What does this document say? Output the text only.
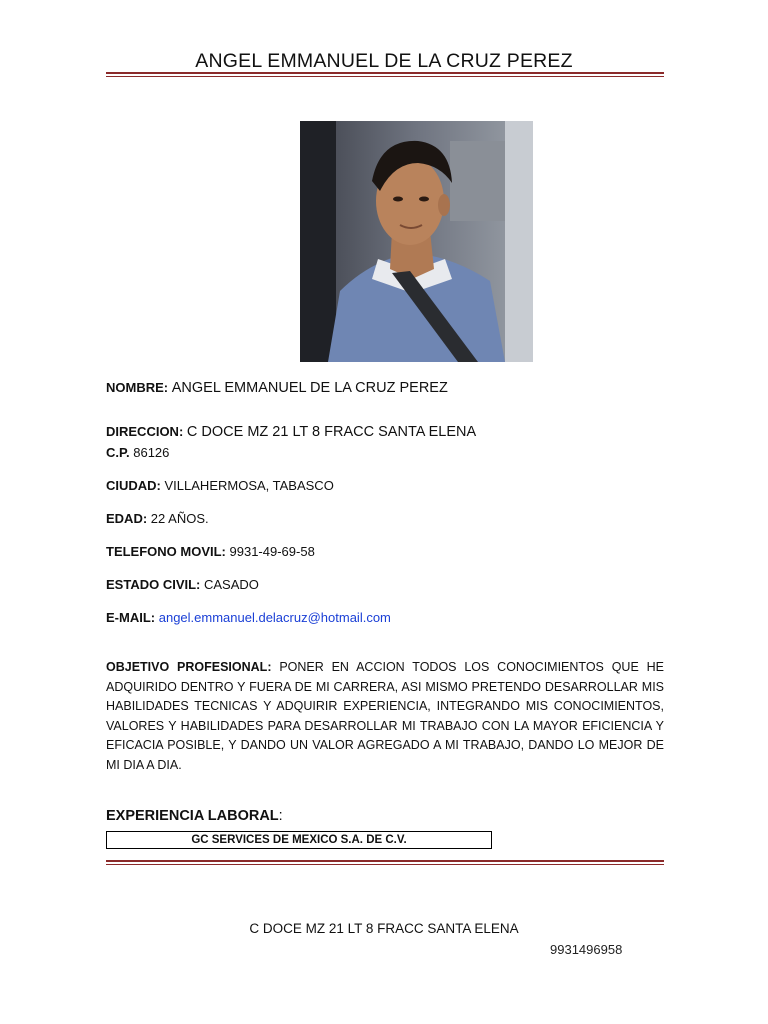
ANGEL EMMANUEL DE LA CRUZ PEREZ
NOMBRE: ANGEL EMMANUEL DE LA CRUZ PEREZ
DIRECCION: C DOCE MZ 21 LT 8 FRACC SANTA ELENA
C.P. 86126
CIUDAD: VILLAHERMOSA, TABASCO
EDAD: 22 AÑOS.
TELEFONO MOVIL: 9931-49-69-58
ESTADO CIVIL: CASADO
E-MAIL: angel.emmanuel.delacruz@hotmail.com
OBJETIVO PROFESIONAL: PONER EN ACCION TODOS LOS CONOCIMIENTOS QUE HE ADQUIRIDO DENTRO Y FUERA DE MI CARRERA, ASI MISMO PRETENDO DESARROLLAR MIS HABILIDADES TECNICAS Y ADQUIRIR EXPERIENCIA, INTEGRANDO MIS CONOCIMIENTOS, VALORES Y HABILIDADES PARA DESARROLLAR MI TRABAJO CON LA MAYOR EFICIENCIA Y EFICACIA POSIBLE, Y DANDO UN VALOR AGREGADO A MI TRABAJO, DANDO LO MEJOR DE MI DIA A DIA.
EXPERIENCIA LABORAL:
GC SERVICES DE MEXICO S.A. DE C.V.
C DOCE MZ 21 LT 8 FRACC SANTA ELENA
9931496958
